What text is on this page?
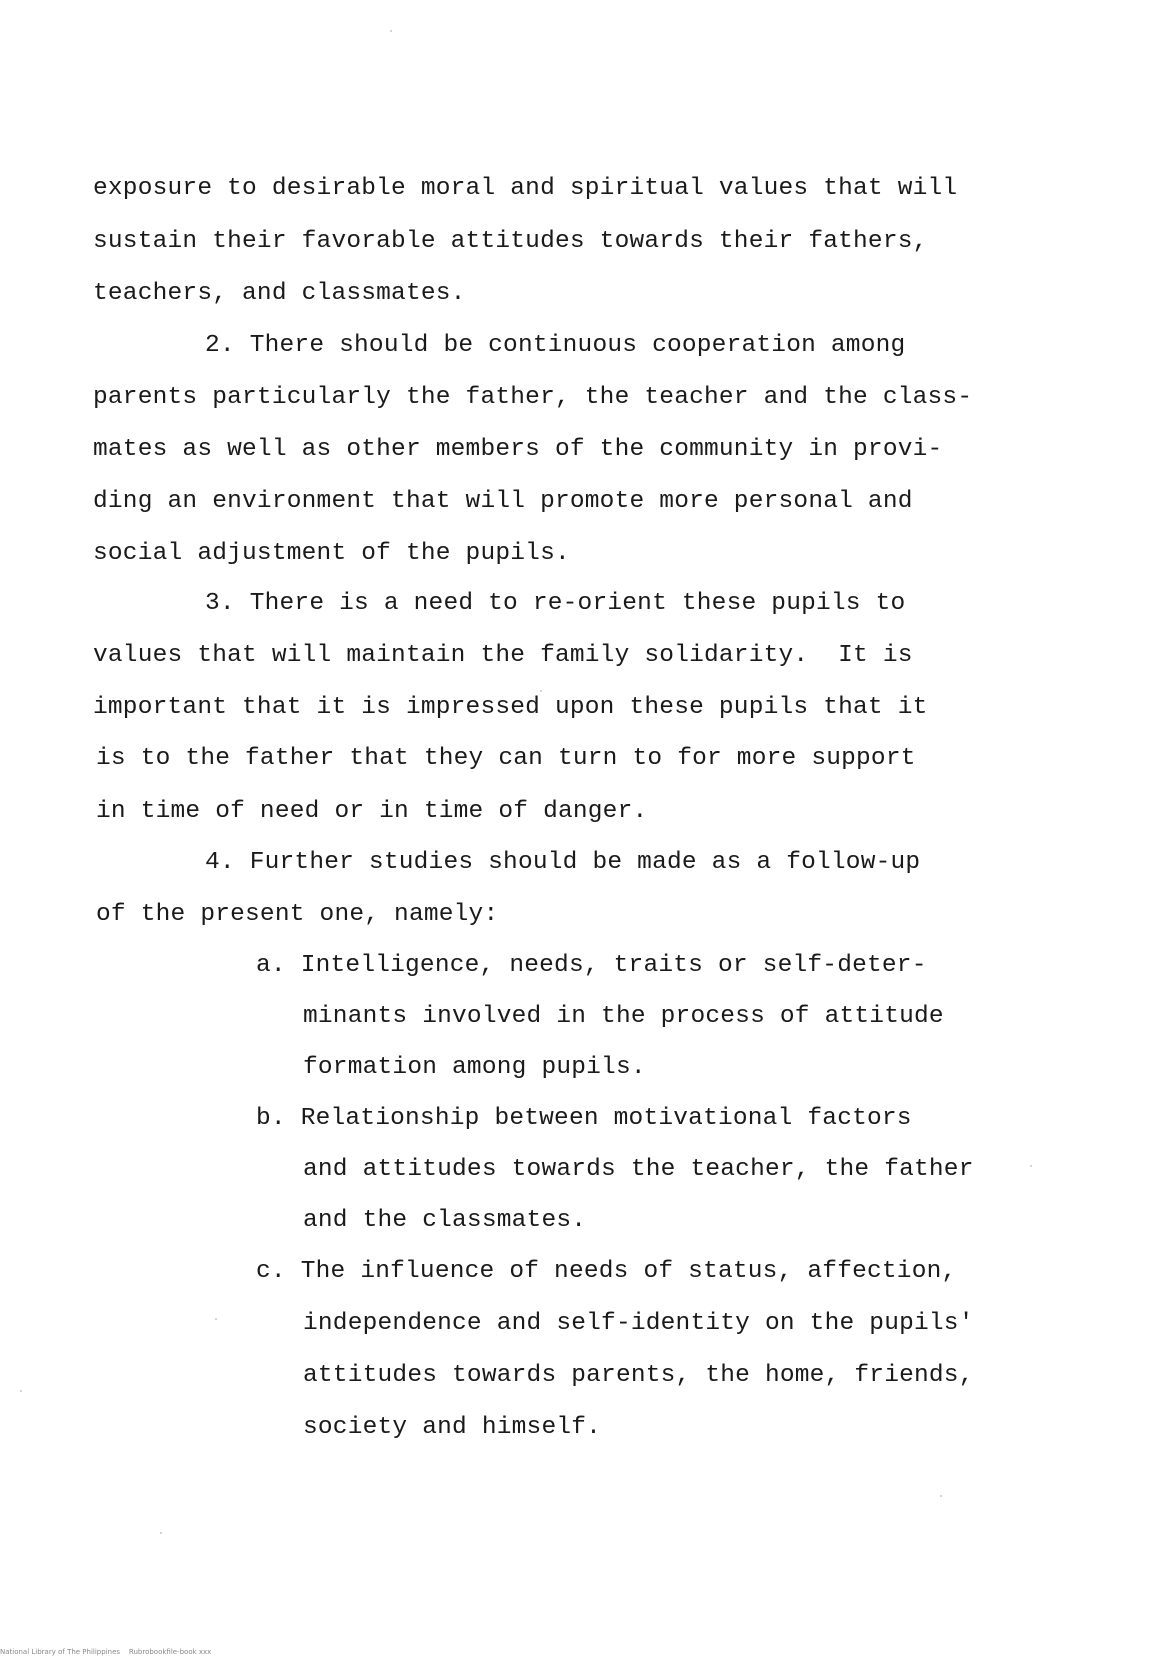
exposure to desirable moral and spiritual values that will
sustain their favorable attitudes towards their fathers,
teachers, and classmates.
2. There should be continuous cooperation among
parents particularly the father, the teacher and the class-
mates as well as other members of the community in provi-
ding an environment that will promote more personal and
social adjustment of the pupils.
3. There is a need to re-orient these pupils to
values that will maintain the family solidarity.  It is
important that it is impressed upon these pupils that it
is to the father that they can turn to for more support
in time of need or in time of danger.
4. Further studies should be made as a follow-up
of the present one, namely:
a. Intelligence, needs, traits or self-deter-
minants involved in the process of attitude
formation among pupils.
b. Relationship between motivational factors
and attitudes towards the teacher, the father
and the classmates.
c. The influence of needs of status, affection,
independence and self-identity on the pupils'
attitudes towards parents, the home, friends,
society and himself.
National Library of The Philippines    Rubrobookfile-book xxx
